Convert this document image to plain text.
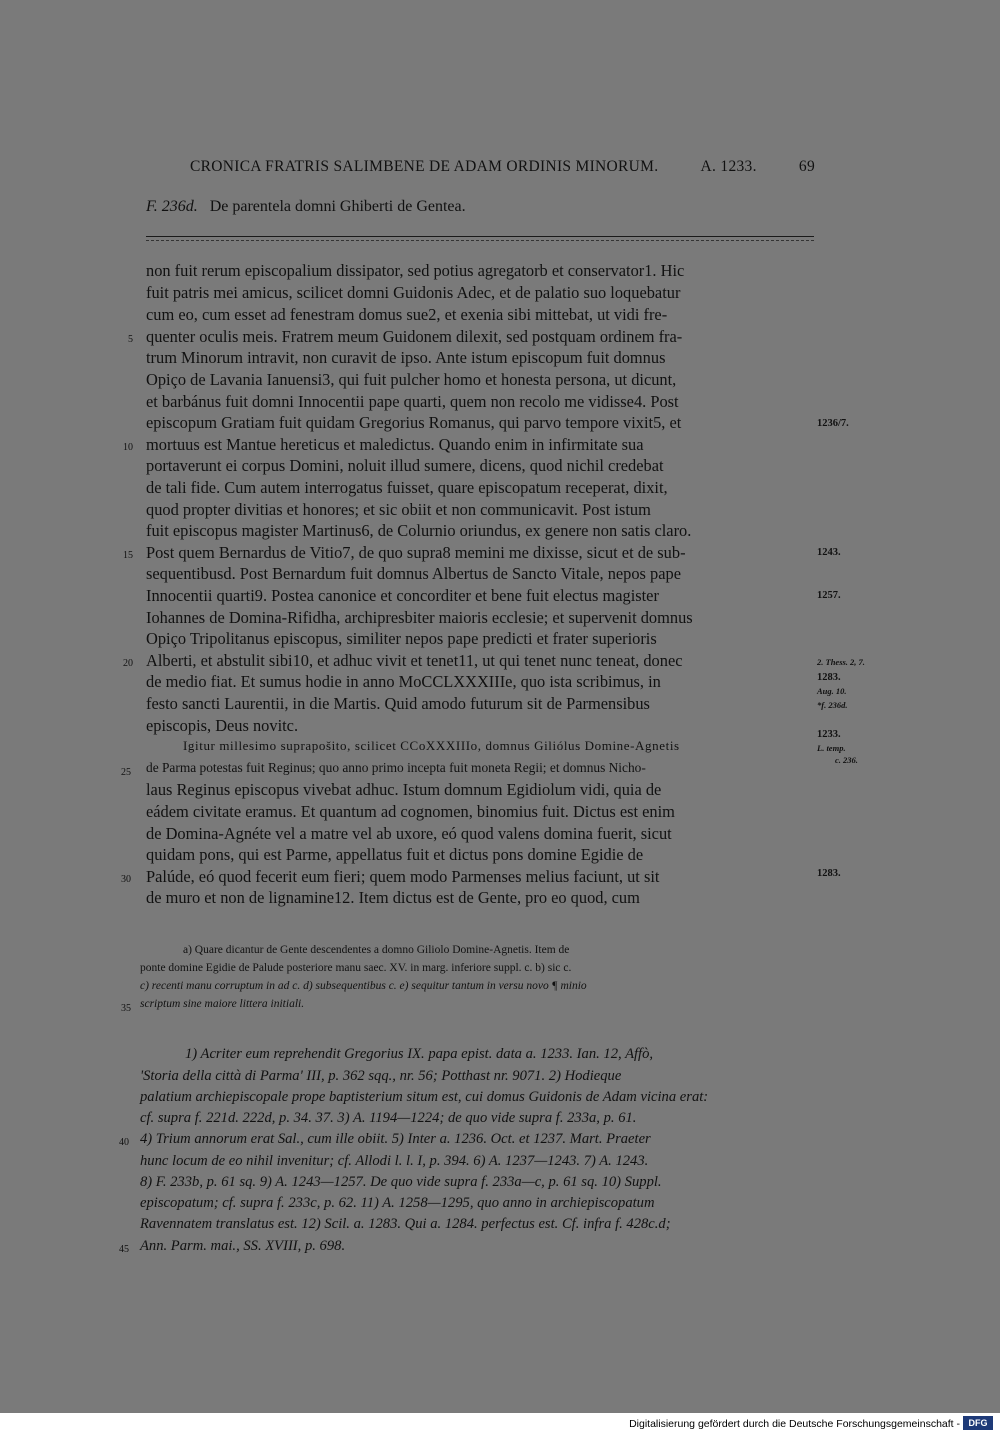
CRONICA FRATRIS SALIMBENE DE ADAM ORDINIS MINORUM.	A. 1233.	69
F. 236d. De parentela domni Ghiberti de Gentea.
non fuit rerum episcopalium dissipator, sed potius agregatorb et conservator1. Hic
fuit patris mei amicus, scilicet domni Guidonis Adec, et de palatio suo loquebatur
cum eo, cum esset ad fenestram domus sue2, et exenia sibi mittebat, ut vidi fre-
quenter oculis meis. Fratrem meum Guidonem dilexit, sed postquam ordinem fra-
trum Minorum intravit, non curavit de ipso. Ante istum episcopum fuit domnus
Opiço de Lavania Ianuensi3, qui fuit pulcher homo et honesta persona, ut dicunt,
et barbánus fuit domni Innocentii pape quarti, quem non recolo me vidisse4. Post
episcopum Gratiam fuit quidam Gregorius Romanus, qui parvo tempore vixit5, et
mortuus est Mantue hereticus et maledictus. Quando enim in infirmitate sua
portaverunt ei corpus Domini, noluit illud sumere, dicens, quod nichil credebat
de tali fide. Cum autem interrogatus fuisset, quare episcopatum receperat, dixit,
quod propter divitias et honores; et sic obiit et non communicavit. Post istum
fuit episcopus magister Martinus6, de Colurnio oriundus, ex genere non satis claro.
Post quem Bernardus de Vitio7, de quo supra8 memini me dixisse, sicut et de sub-
sequentibusd. Post Bernardum fuit domnus Albertus de Sancto Vitale, nepos pape
Innocentii quarti9. Postea canonice et concorditer et bene fuit electus magister
Iohannes de Domina-Rifidha, archipresbiter maioris ecclesie; et supervenit domnus
Opiço Tripolitanus episcopus, similiter nepos pape predicti et frater superioris
Alberti, et abstulit sibi10, et adhuc vivit et tenet11, ut qui tenet nunc teneat, donec
de medio fiat. Et sumus hodie in anno MoCCLXXXIIIe, quo ista scribimus, in
festo sancti Laurentii, in die Martis. Quid amodo futurum sit de Parmensibus
episcopis, Deus novitc.
Igitur millesimo suprapošito, scilicet CCoXXXIIIo, domnus Giliólus Domine-Agnetis
de Parma potestas fuit Reginus; quo anno primo incepta fuit moneta Regii; et domnus Nicho-
laus Reginus episcopus vivebat adhuc. Istum domnum Egidiolum vidi, quia de
eádem civitate eramus. Et quantum ad cognomen, binomius fuit. Dictus est enim
de Domina-Agnéte vel a matre vel ab uxore, eó quod valens domina fuerit, sicut
quidam pons, qui est Parme, appellatus fuit et dictus pons domine Egidie de
Palúde, eó quod fecerit eum fieri; quem modo Parmenses melius faciunt, ut sit
de muro et non de lignamine12. Item dictus est de Gente, pro eo quod, cum
5
10
15
20
25
30
35
40
45
1236/7.
1243.
1257.
2. Thess. 2, 7.
1283.
Aug. 10.
*f. 236d.
1233.
L. temp.
c. 236.
1283.
a) Quare dicantur de Gente descendentes a domno Giliolo Domine-Agnetis. Item de
ponte domine Egidie de Palude posteriore manu saec. XV. in marg. inferiore suppl. c. b) sic c.
c) recenti manu corruptum in ad c. d) subsequentibus c. e) sequitur tantum in versu novo ¶ minio
scriptum sine maiore littera initiali.
1) Acriter eum reprehendit Gregorius IX. papa epist. data a. 1233. Ian. 12, Affò,
'Storia della città di Parma' III, p. 362 sqq., nr. 56; Potthast nr. 9071. 2) Hodieque
palatium archiepiscopale prope baptisterium situm est, cui domus Guidonis de Adam vicina erat:
cf. supra f. 221d. 222d, p. 34. 37. 3) A. 1194—1224; de quo vide supra f. 233a, p. 61.
4) Trium annorum erat Sal., cum ille obiit. 5) Inter a. 1236. Oct. et 1237. Mart. Praeter
hunc locum de eo nihil invenitur; cf. Allodi l. l. I, p. 394. 6) A. 1237—1243. 7) A. 1243.
8) F. 233b, p. 61 sq. 9) A. 1243—1257. De quo vide supra f. 233a—c, p. 61 sq. 10) Suppl.
episcopatum; cf. supra f. 233c, p. 62. 11) A. 1258—1295, quo anno in archiepiscopatum
Ravennatem translatus est. 12) Scil. a. 1283. Qui a. 1284. perfectus est. Cf. infra f. 428c.d;
Ann. Parm. mai., SS. XVIII, p. 698.
Digitalisierung gefördert durch die Deutsche Forschungsgemeinschaft - DFG
